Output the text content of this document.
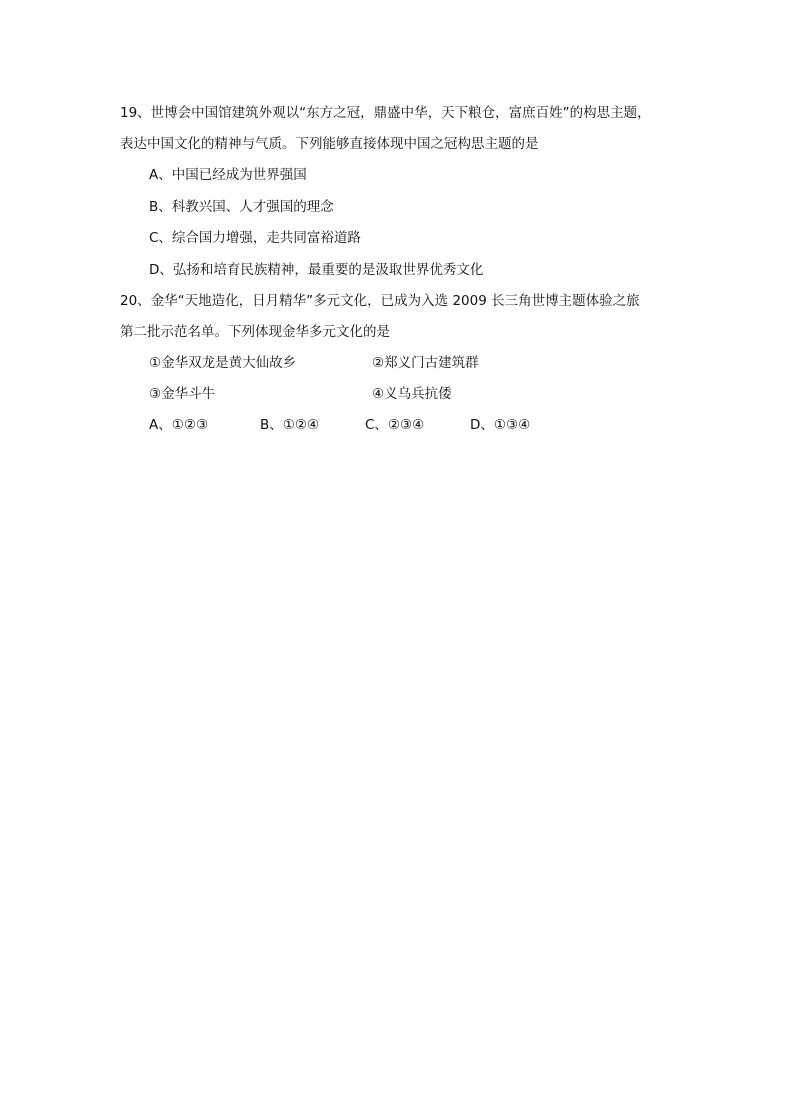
19、世博会中国馆建筑外观以“东方之冠，鼎盛中华，天下粮仓，富庶百姓”的构思主题，
表达中国文化的精神与气质。下列能够直接体现中国之冠构思主题的是
A、中国已经成为世界强国
B、科教兴国、人才强国的理念
C、综合国力增强，走共同富裕道路
D、弘扬和培育民族精神，最重要的是汲取世界优秀文化
20、金华“天地造化，日月精华”多元文化，已成为入选 2009 长三角世博主题体验之旅
第二批示范名单。下列体现金华多元文化的是
①金华双龙是黄大仙故乡	②郑义门古建筑群
③金华斗牛	④义乌兵抗倭
A、①②③	B、①②④	C、②③④	D、①③④
